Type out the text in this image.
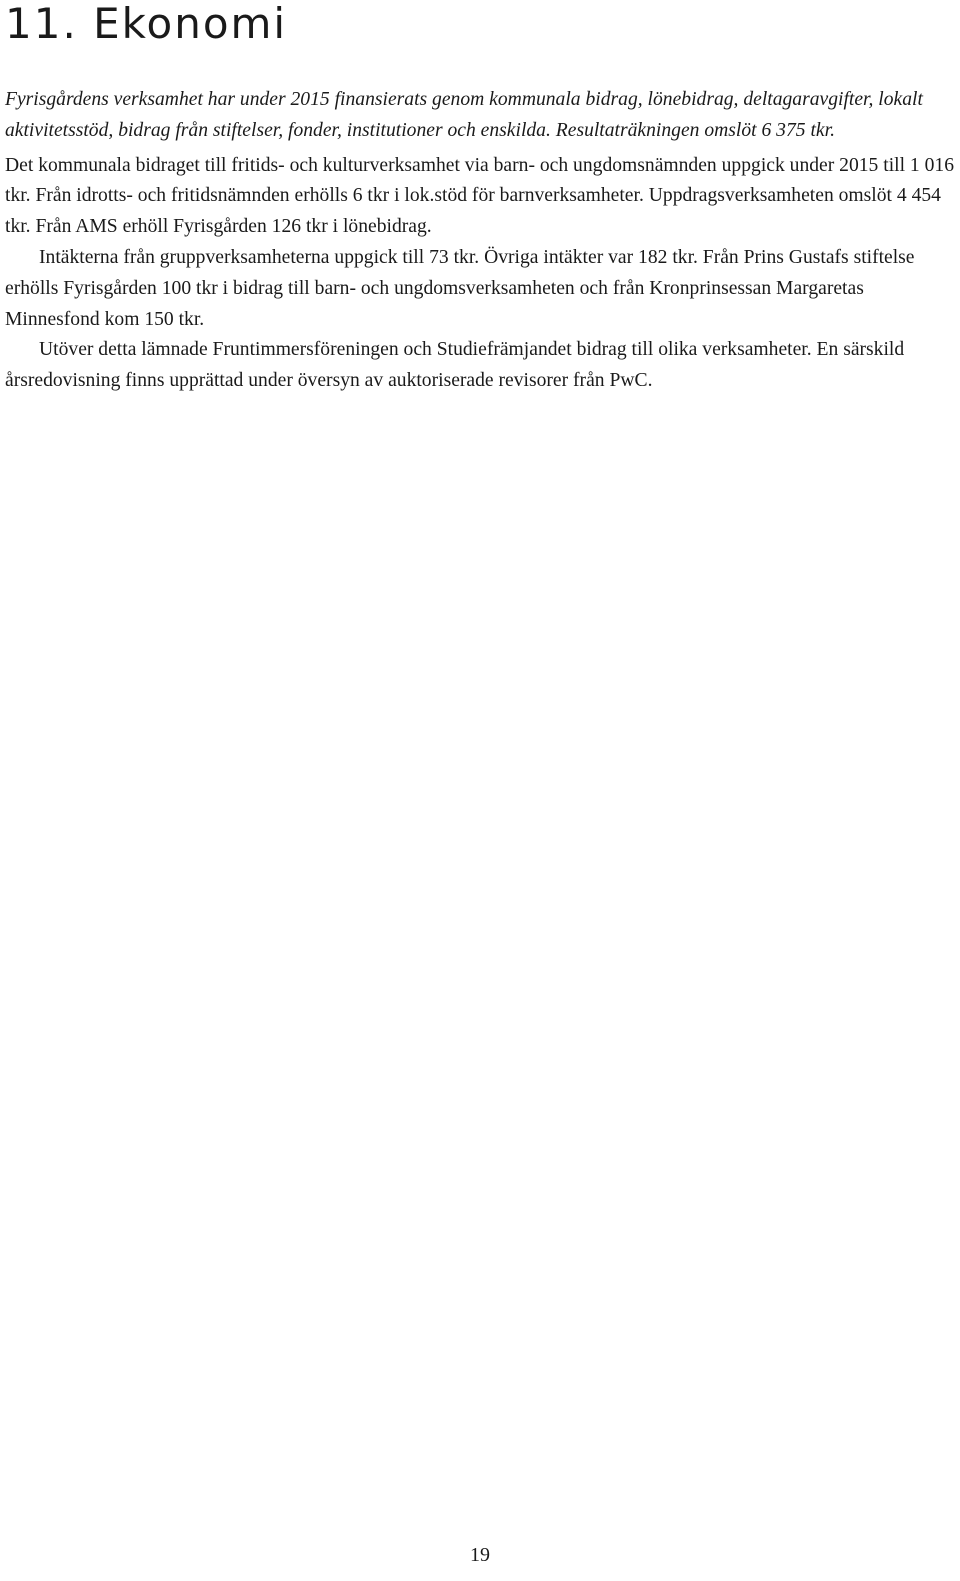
11. Ekonomi

Fyrisgårdens verksamhet har under 2015 finansierats genom kommunala bidrag, lönebidrag, deltagaravgifter, lokalt aktivitetsstöd, bidrag från stiftelser, fonder, institutioner och enskilda. Resultaträkningen omslöt 6 375 tkr.

Det kommunala bidraget till fritids- och kulturverksamhet via barn- och ungdomsnämnden uppgick under 2015 till 1 016 tkr. Från idrotts- och fritidsnämnden erhölls 6 tkr i lok.stöd för barnverksamheter. Uppdragsverksamheten omslöt 4 454 tkr. Från AMS erhöll Fyrisgården 126 tkr i lönebidrag.

Intäkterna från gruppverksamheterna uppgick till 73 tkr. Övriga intäkter var 182 tkr. Från Prins Gustafs stiftelse erhölls Fyrisgården 100 tkr i bidrag till barn- och ungdomsverksamheten och från Kronprinsessan Margaretas Minnesfond kom 150 tkr.

Utöver detta lämnade Fruntimmersföreningen och Studiefrämjandet bidrag till olika verksamheter. En särskild årsredovisning finns upprättad under översyn av auktoriserade revisorer från PwC.

19
